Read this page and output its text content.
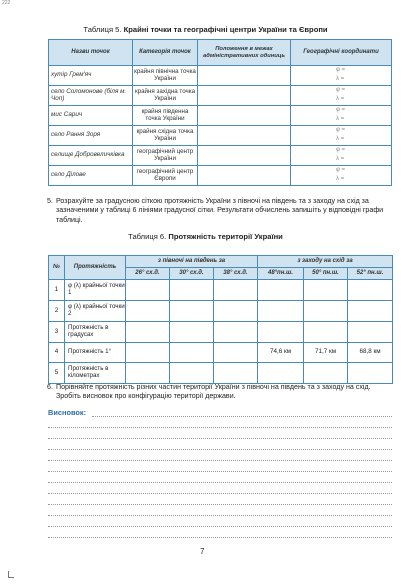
222
Таблиця 5. Крайні точки та географічні центри України та Європи
Назви точок	Категорія точок	Положення в межах адміністративних одиниць	Географічні координати
хутір Грем'яч	крайня північна точка України		φ =
λ =

село Соломонове (біля м. Чоп)	крайня західна точка України		φ =
λ =

мис Сарич	крайня південна точка України		φ =
λ =

село Рання Зоря	крайня східна точка України		φ =
λ =

селище Добровеличківка	географічний центр України		φ =
λ =

село Ділове	географічний центр Європи		φ =
λ =
5. Розрахуйте за градусною сіткою протяжність України з півночі на південь та з заходу на схід за зазначеними у таблиці 6 лініями градусної сітки. Результати обчислень запишіть у відповідні графи таблиці.
Таблиця 6. Протяжність території України
№	Протяжність	з півночі на південь за			з заходу на схід за		
		26° сх.д.	30° сх.д.	38° сх.д.	48°пн.ш.	50° пн.ш.	52° пн.ш.
1	φ (λ) крайньої точки 1						
2	φ (λ) крайньої точки 2						
3	Протяжність в градусах						
4	Протяжність 1°				74,6 км	71,7 км	68,8 км
5	Протяжність в кілометрах						
6. Порівняйте протяжність різних частин території України з півночі на південь та з заходу на схід. Зробіть висновок про конфігурацію території держави.
Висновок:
7
